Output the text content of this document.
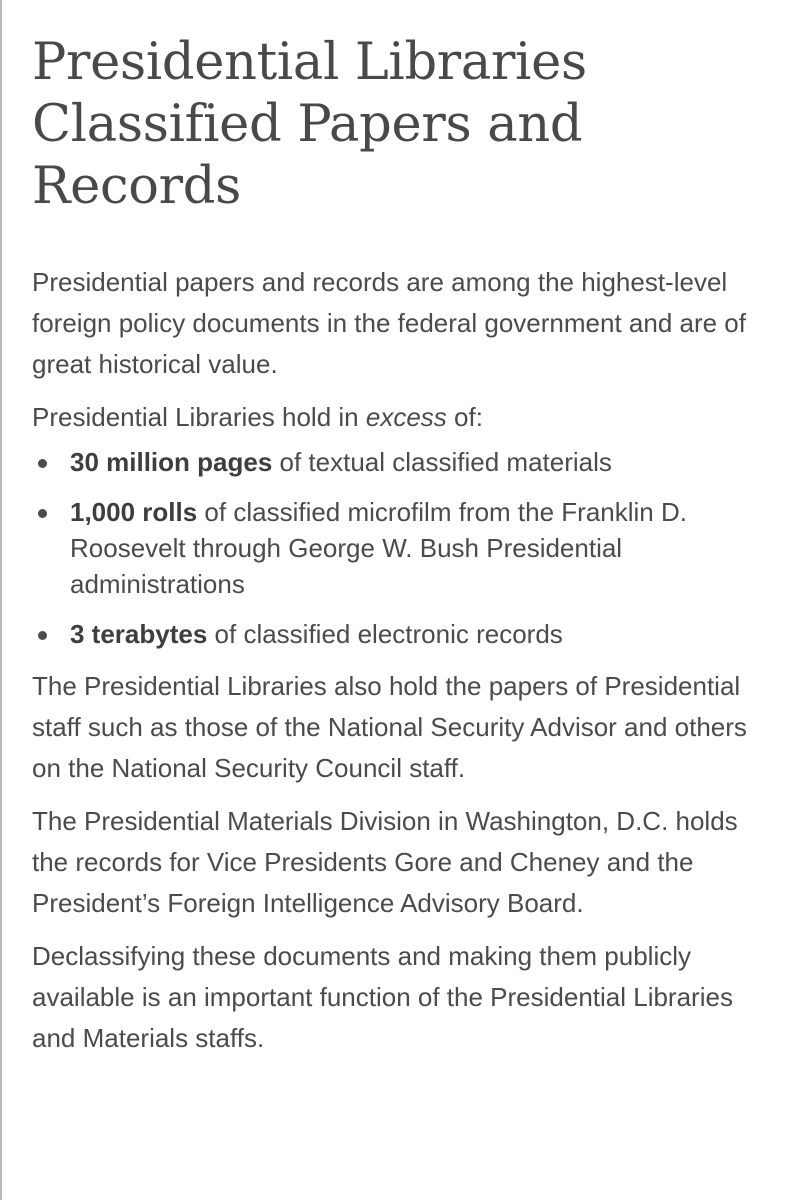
Presidential Libraries Classified Papers and Records

Presidential papers and records are among the highest-level foreign policy documents in the federal government and are of great historical value.

Presidential Libraries hold in excess of:

30 million pages of textual classified materials
1,000 rolls of classified microfilm from the Franklin D. Roosevelt through George W. Bush Presidential administrations
3 terabytes of classified electronic records

The Presidential Libraries also hold the papers of Presidential staff such as those of the National Security Advisor and others on the National Security Council staff.

The Presidential Materials Division in Washington, D.C. holds the records for Vice Presidents Gore and Cheney and the President’s Foreign Intelligence Advisory Board.

Declassifying these documents and making them publicly available is an important function of the Presidential Libraries and Materials staffs.
